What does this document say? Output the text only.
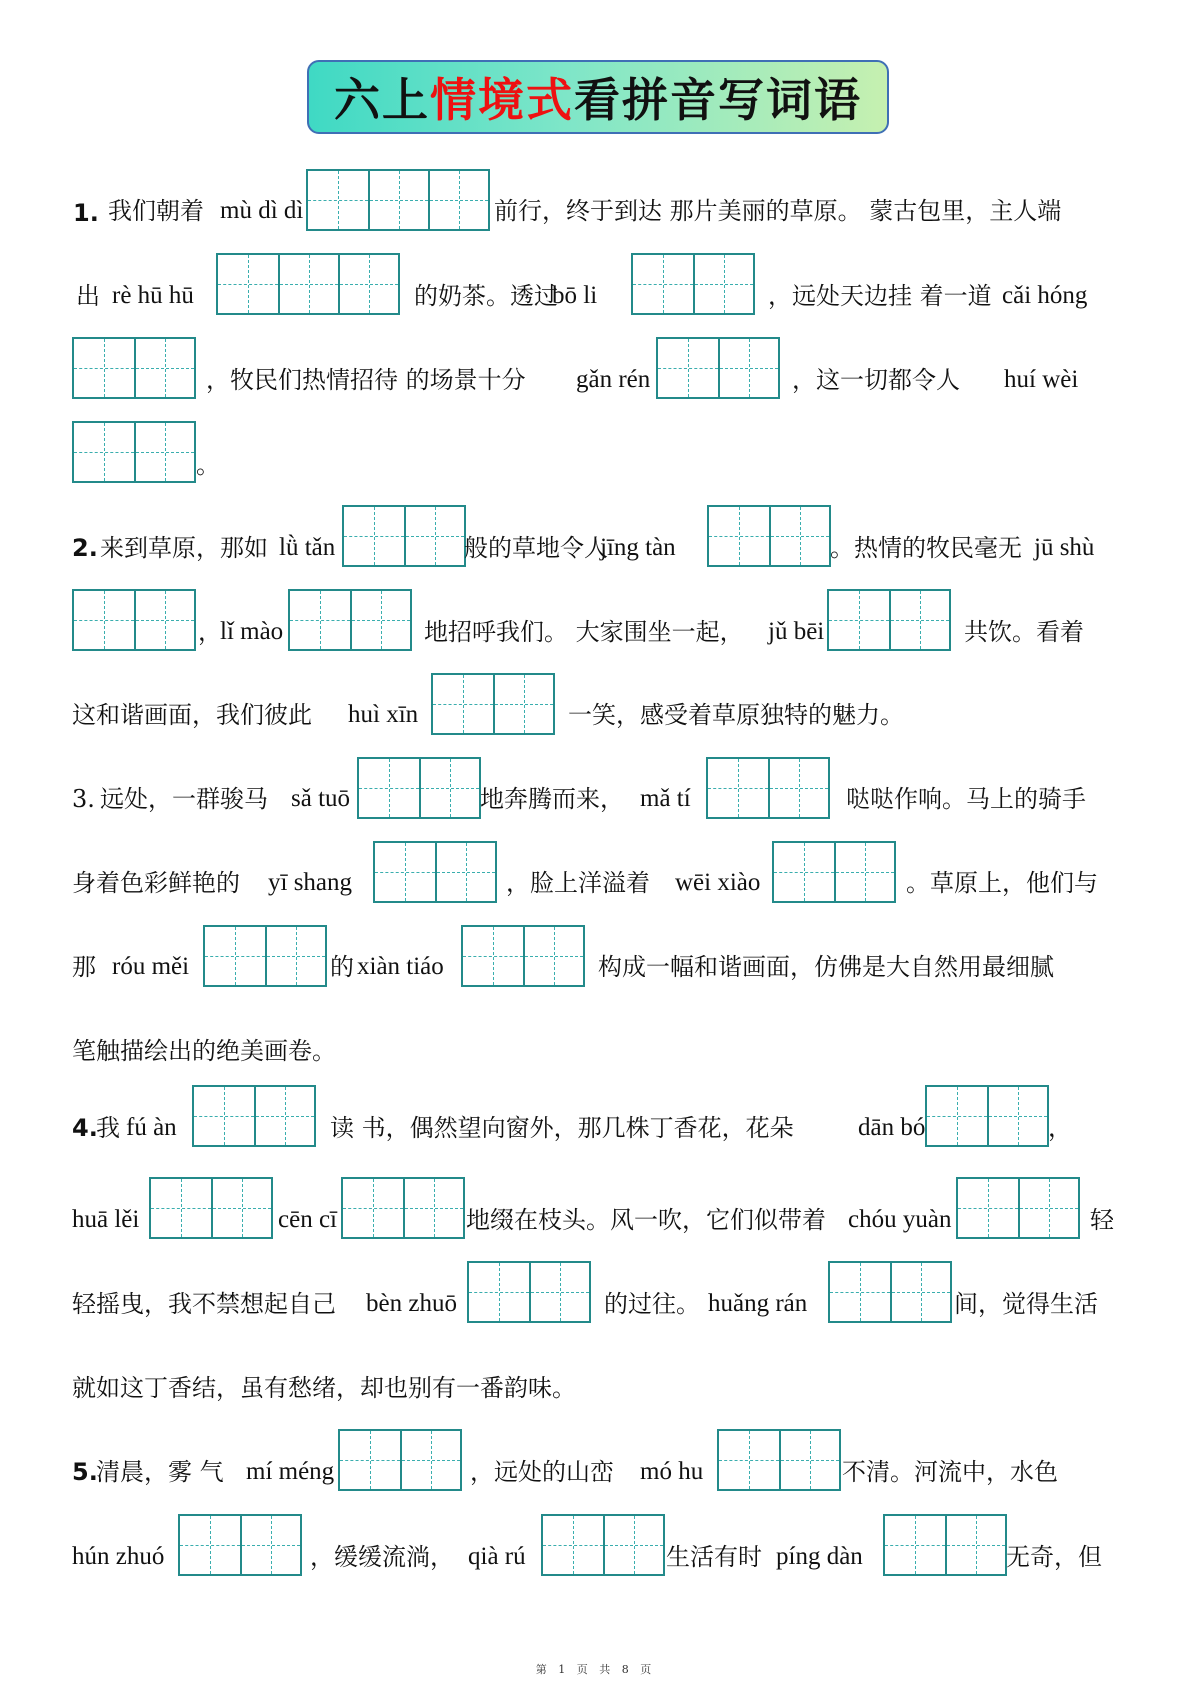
六上 情境式 看拼音写词语
1. 我们朝着 mù dì dì	前行，终于到达 那片美丽的草原。 蒙古包里，主人端
出 rè hū hū	的奶茶。透过
bō li	，远处天边挂 着一道 cǎi hóng
，牧民们热情招待 的场景十分 gǎn rén	，这一切都令人 huí wèi
。
2. 来到草原，那如 lǜ tǎn	般的草地令人
jīng tàn	。热情的牧民毫无 jū shù
，
lǐ mào	地招呼我们。 大家围坐一起， jǔ bēi	共饮。看着
这和谐画面，我们彼此 huì xīn	一笑，感受着草原独特的魅力。
3. 远处，一群骏马 sǎ tuō	地奔腾而来， mǎ tí	哒哒作响。马上的骑手
身着色彩鲜艳的 yī shang	，脸上洋溢着 wēi xiào	。草原上，他们与
那 róu měi	的 xiàn tiáo	构成一幅和谐画面，仿佛是大自然用最细腻
笔触描绘出的绝美画卷。
4.
我 fú àn	读 书，偶然望向窗外，那几株丁香花，花朵	dān bó	，
huā lěi	cēn cī	地缀在枝头。风一吹，它们似带着 chóu yuàn	轻
轻摇曳，我不禁想起自己 bèn zhuō	的过往。 huǎng rán	间，觉得生活
就如这丁香结，虽有愁绪，却也别有一番韵味。
5.
清晨，雾 气 mí méng	，远处的山峦 mó hu	不清。河流中，水色
hún zhuó	，缓缓流淌， qià rú	生活有时 píng dàn	无奇，但
第 1 页 共 8 页
